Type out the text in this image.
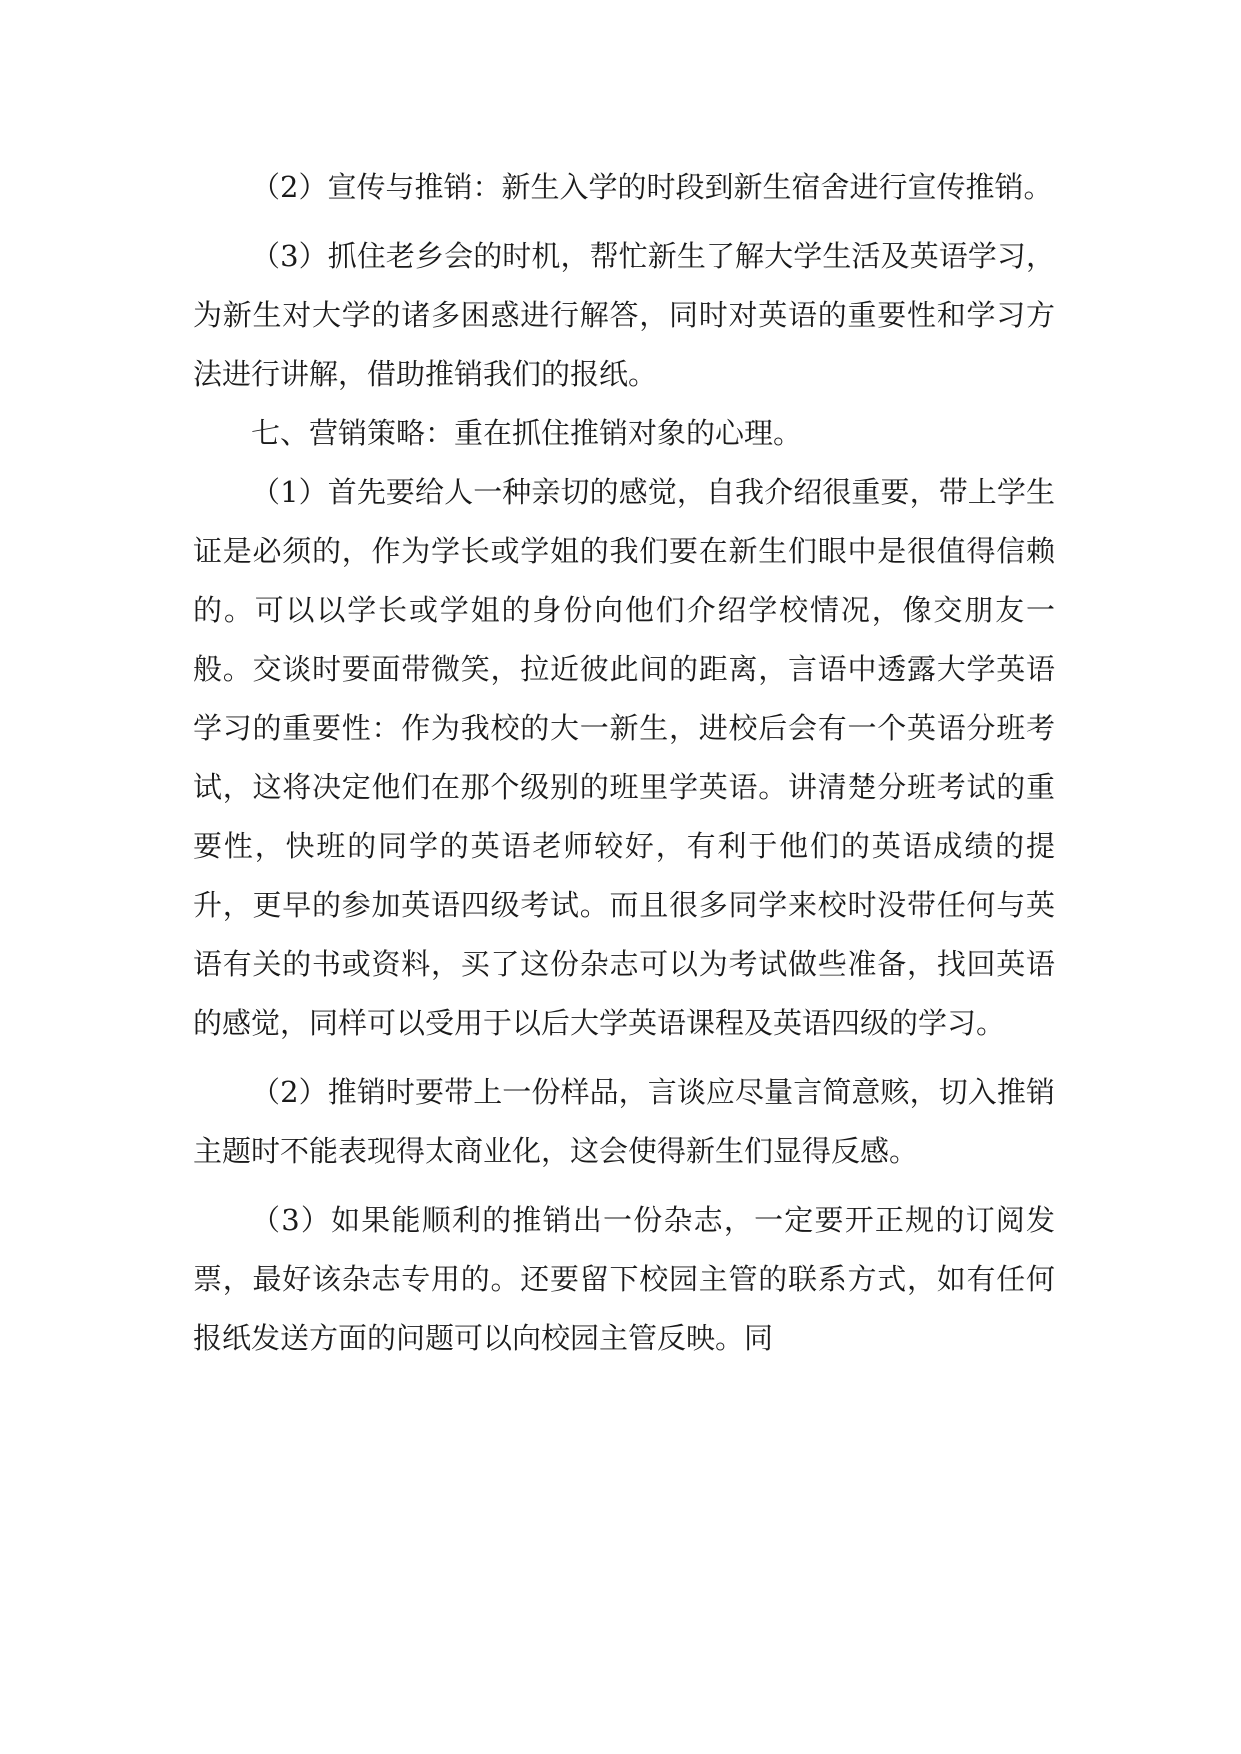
（2）宣传与推销：新生入学的时段到新生宿舍进行宣传推销。

（3）抓住老乡会的时机，帮忙新生了解大学生活及英语学习，为新生对大学的诸多困惑进行解答，同时对英语的重要性和学习方法进行讲解，借助推销我们的报纸。

七、营销策略：重在抓住推销对象的心理。

（1）首先要给人一种亲切的感觉，自我介绍很重要，带上学生证是必须的，作为学长或学姐的我们要在新生们眼中是很值得信赖的。可以以学长或学姐的身份向他们介绍学校情况，像交朋友一般。交谈时要面带微笑，拉近彼此间的距离，言语中透露大学英语学习的重要性：作为我校的大一新生，进校后会有一个英语分班考试，这将决定他们在那个级别的班里学英语。讲清楚分班考试的重要性，快班的同学的英语老师较好，有利于他们的英语成绩的提升，更早的参加英语四级考试。而且很多同学来校时没带任何与英语有关的书或资料，买了这份杂志可以为考试做些准备，找回英语的感觉，同样可以受用于以后大学英语课程及英语四级的学习。

（2）推销时要带上一份样品，言谈应尽量言简意赅，切入推销主题时不能表现得太商业化，这会使得新生们显得反感。

（3）如果能顺利的推销出一份杂志，一定要开正规的订阅发票，最好该杂志专用的。还要留下校园主管的联系方式，如有任何报纸发送方面的问题可以向校园主管反映。同
